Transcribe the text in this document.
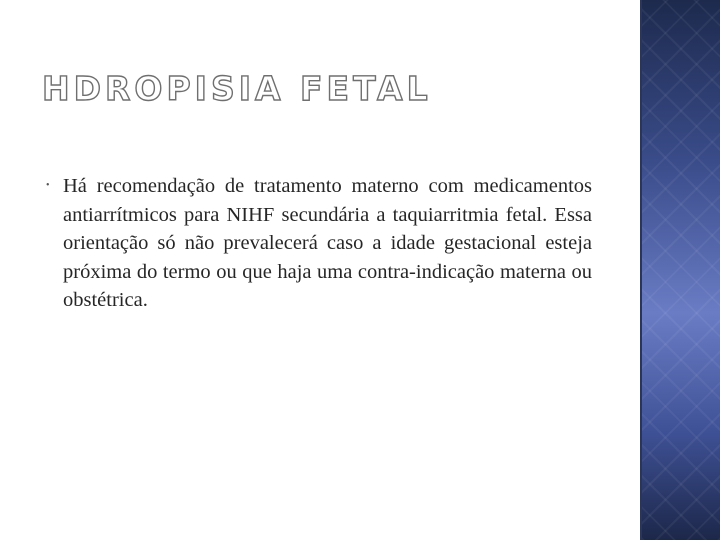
HDROPISIA FETAL
• Há recomendação de tratamento materno com medicamentos antiarrítmicos para NIHF secundária a taquiarritmia fetal. Essa orientação só não prevalecerá caso a idade gestacional esteja próxima do termo ou que haja uma contra-indicação materna ou obstétrica.
